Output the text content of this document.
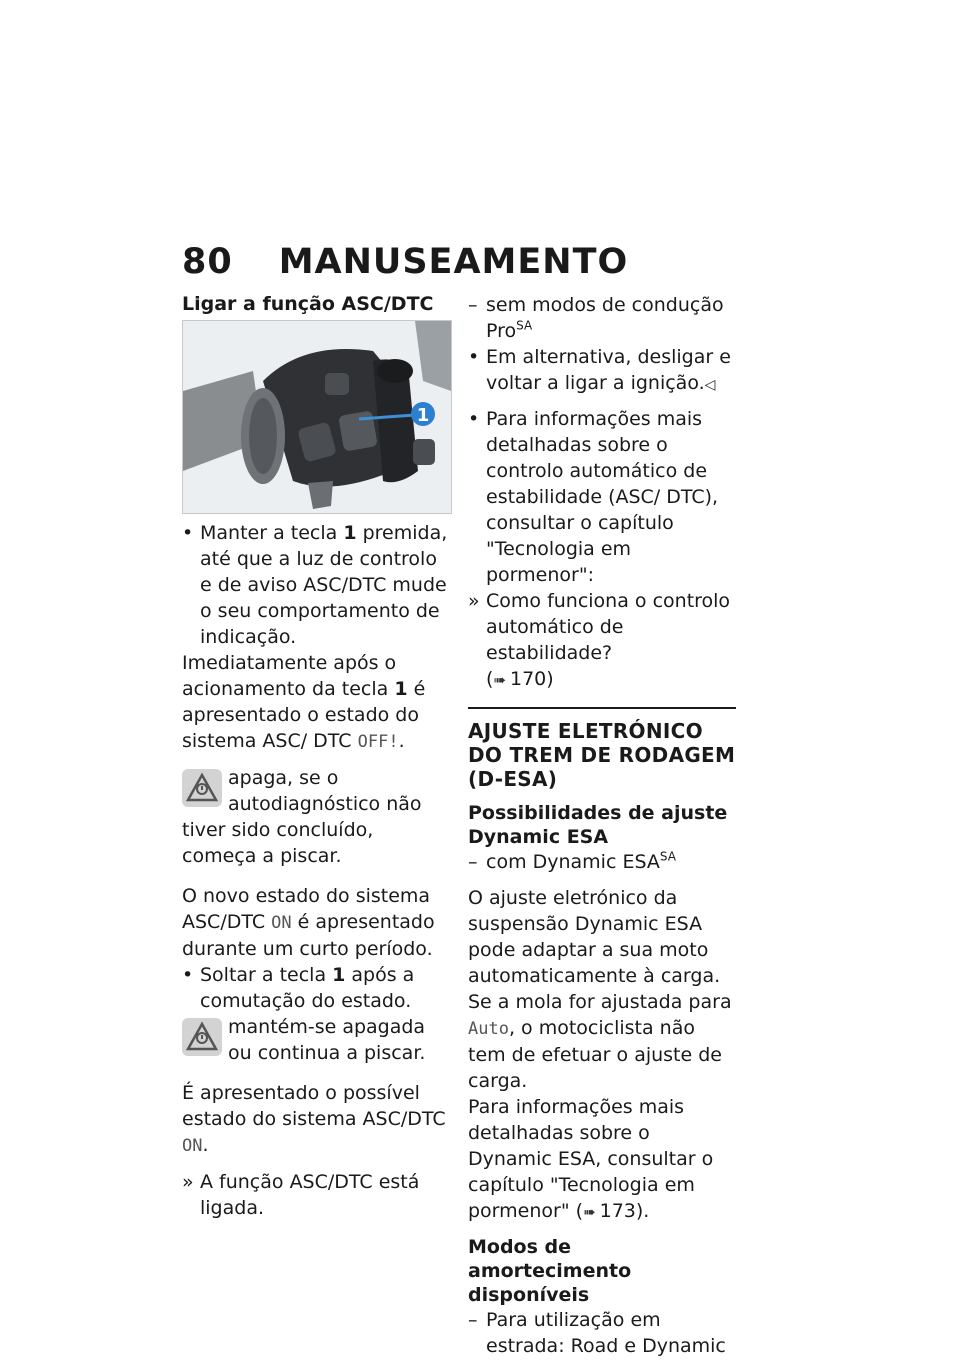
80 MANUSEAMENTO

Ligar a função ASC/DTC

1
• Manter a tecla 1 premida, até que a luz de controlo e de aviso ASC/DTC mude o seu comportamento de indicação.

Imediatamente após o acionamento da tecla 1 é apresentado o estado do sistema ASC/ DTC OFF!.

apaga, se o autodiagnóstico não tiver sido concluído, começa a piscar.

O novo estado do sistema ASC/DTC ON é apresentado durante um curto período.

• Soltar a tecla 1 após a comutação do estado.
mantém-se apagada ou continua a piscar.

É apresentado o possível estado do sistema ASC/DTC ON.

» A função ASC/DTC está ligada.
– sem modos de condução Pro$^{SA}$
• Em alternativa, desligar e voltar a ligar a ignição.◁
• Para informações mais detalhadas sobre o controlo automático de estabilidade (ASC/ DTC), consultar o capítulo "Tecnologia em pormenor":
» Como funciona o controlo automático de estabilidade?
(➠ 170)

AJUSTE ELETRÓNICO DO TREM DE RODAGEM (D-ESA)

Possibilidades de ajuste Dynamic ESA

– com Dynamic $ESA^{SA}$

O ajuste eletrónico da suspensão Dynamic ESA pode adaptar a sua moto automaticamente à carga. Se a mola for ajustada para Auto, o motociclista não tem de efetuar o ajuste de carga.

Para informações mais detalhadas sobre o Dynamic ESA, consultar o capítulo "Tecnologia em pormenor" (➠ 173).

Modos de amortecimento disponíveis

– Para utilização em estrada: Road e Dynamic
